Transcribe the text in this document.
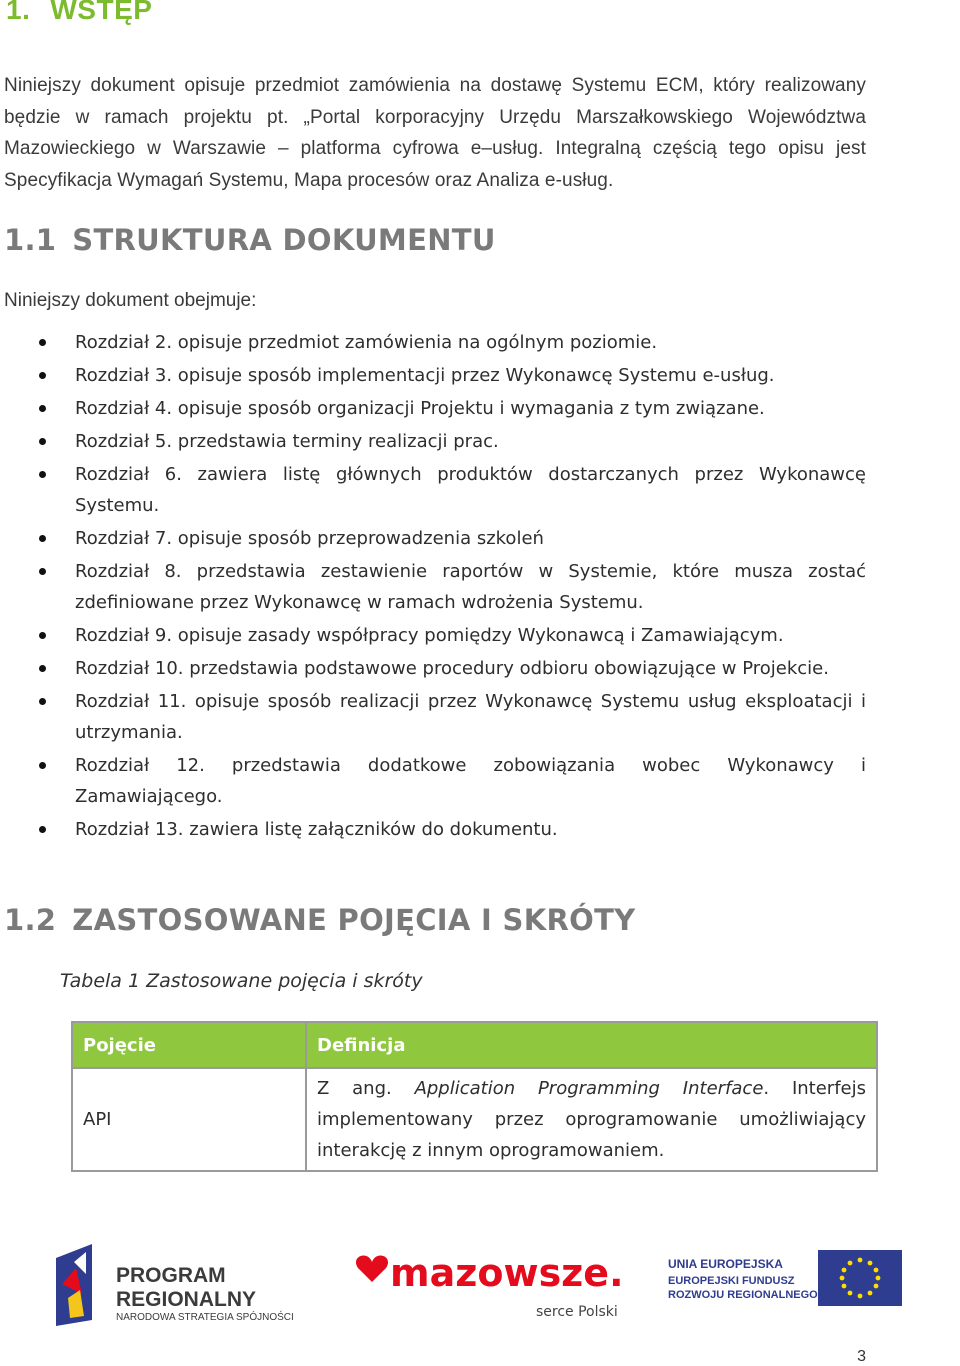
1. WSTĘP

Niniejszy dokument opisuje przedmiot zamówienia na dostawę Systemu ECM, który realizowany będzie w ramach projektu pt. „Portal korporacyjny Urzędu Marszałkowskiego Województwa Mazowieckiego w Warszawie – platforma cyfrowa e–usług. Integralną częścią tego opisu jest Specyfikacja Wymagań Systemu, Mapa procesów oraz Analiza e-usług.

1.1 STRUKTURA DOKUMENTU

Niniejszy dokument obejmuje:

Rozdział 2. opisuje przedmiot zamówienia na ogólnym poziomie.
Rozdział 3. opisuje sposób implementacji przez Wykonawcę Systemu e-usług.
Rozdział 4. opisuje sposób organizacji Projektu i wymagania z tym związane.
Rozdział 5. przedstawia terminy realizacji prac.
Rozdział 6. zawiera listę głównych produktów dostarczanych przez Wykonawcę Systemu.
Rozdział 7. opisuje sposób przeprowadzenia szkoleń
Rozdział 8. przedstawia zestawienie raportów w Systemie, które musza zostać zdefiniowane przez Wykonawcę w ramach wdrożenia Systemu.
Rozdział 9. opisuje zasady współpracy pomiędzy Wykonawcą i Zamawiającym.
Rozdział 10. przedstawia podstawowe procedury odbioru obowiązujące w Projekcie.
Rozdział 11. opisuje sposób realizacji przez Wykonawcę Systemu usług eksploatacji i utrzymania.
Rozdział 12. przedstawia dodatkowe zobowiązania wobec Wykonawcy i Zamawiającego.
Rozdział 13. zawiera listę załączników do dokumentu.
1.2 ZASTOSOWANE POJĘCIA I SKRÓTY

Tabela 1 Zastosowane pojęcia i skróty

Pojęcie	Definicja
API	Z ang. Application Programming Interface. Interfejs implementowany przez oprogramowanie umożliwiający interakcję z innym oprogramowaniem.
PROGRAM
REGIONALNY
NARODOWA STRATEGIA SPÓJNOŚCI
mazowsze.
serce Polski
UNIA EUROPEJSKA
EUROPEJSKI FUNDUSZ
ROZWOJU REGIONALNEGO
3
